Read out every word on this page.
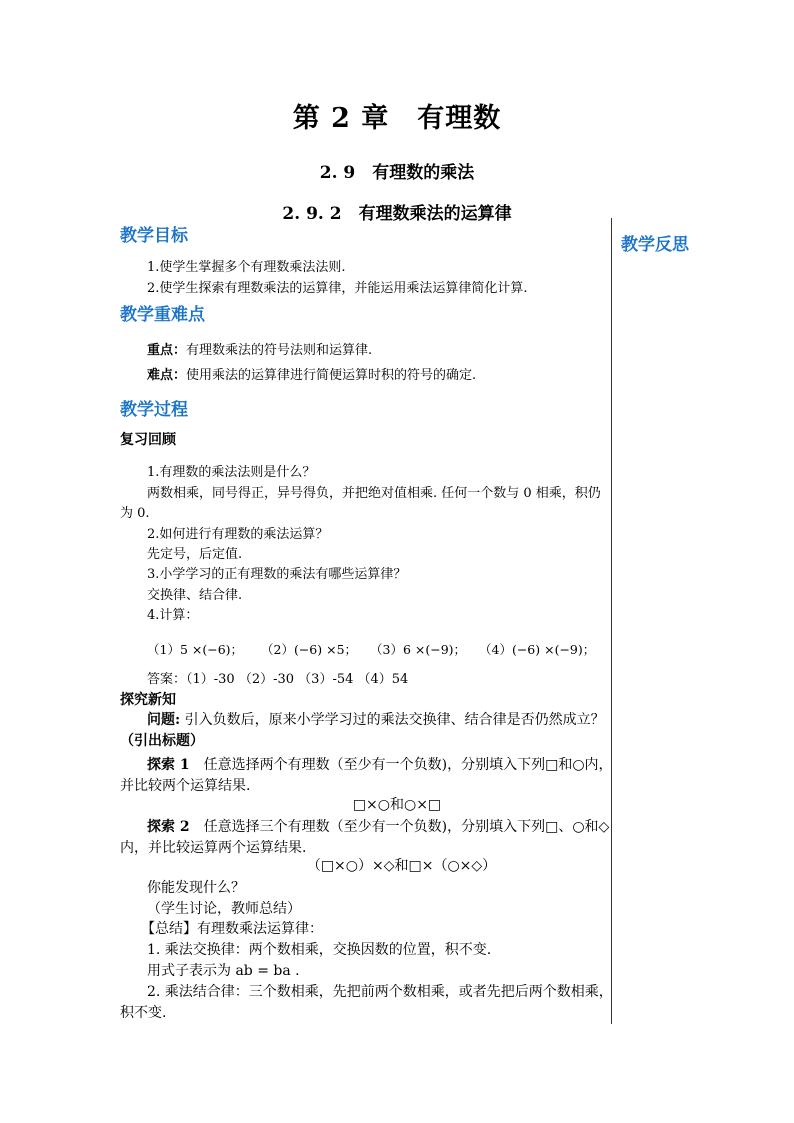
第 2 章　有理数
2. 9　有理数的乘法
2. 9. 2　有理数乘法的运算律
教学反思
教学目标
1.使学生掌握多个有理数乘法法则.
2.使学生探索有理数乘法的运算律，并能运用乘法运算律简化计算.
教学重难点
重点：有理数乘法的符号法则和运算律.
难点：使用乘法的运算律进行简便运算时积的符号的确定.
教学过程
复习回顾
1.有理数的乘法法则是什么？
两数相乘，同号得正，异号得负，并把绝对值相乘. 任何一个数与 0 相乘，积仍
为 0.
2.如何进行有理数的乘法运算？
先定号，后定值.
3.小学学习的正有理数的乘法有哪些运算律？
交换律、结合律.
4.计算：
（1）5 ×(−6)； （2）(−6) ×5； （3）6 ×(−9)； （4）(−6) ×(−9)；
答案：（1）-30 （2）-30 （3）-54 （4）54
探究新知
问题: 引入负数后，原来小学学习过的乘法交换律、结合律是否仍然成立？
（引出标题）
探索 1　任意选择两个有理数（至少有一个负数)，分别填入下列□和○内，
并比较两个运算结果.
□×○和○×□
探索 2　任意选择三个有理数（至少有一个负数)，分别填入下列□、○和◇
内，并比较运算两个运算结果.
（□×○）×◇和□×（○×◇）
你能发现什么？
（学生讨论，教师总结）
【总结】有理数乘法运算律：
1. 乘法交换律：两个数相乘，交换因数的位置，积不变.
用式子表示为 ab = ba .
2. 乘法结合律：三个数相乘，先把前两个数相乘，或者先把后两个数相乘，
积不变.
